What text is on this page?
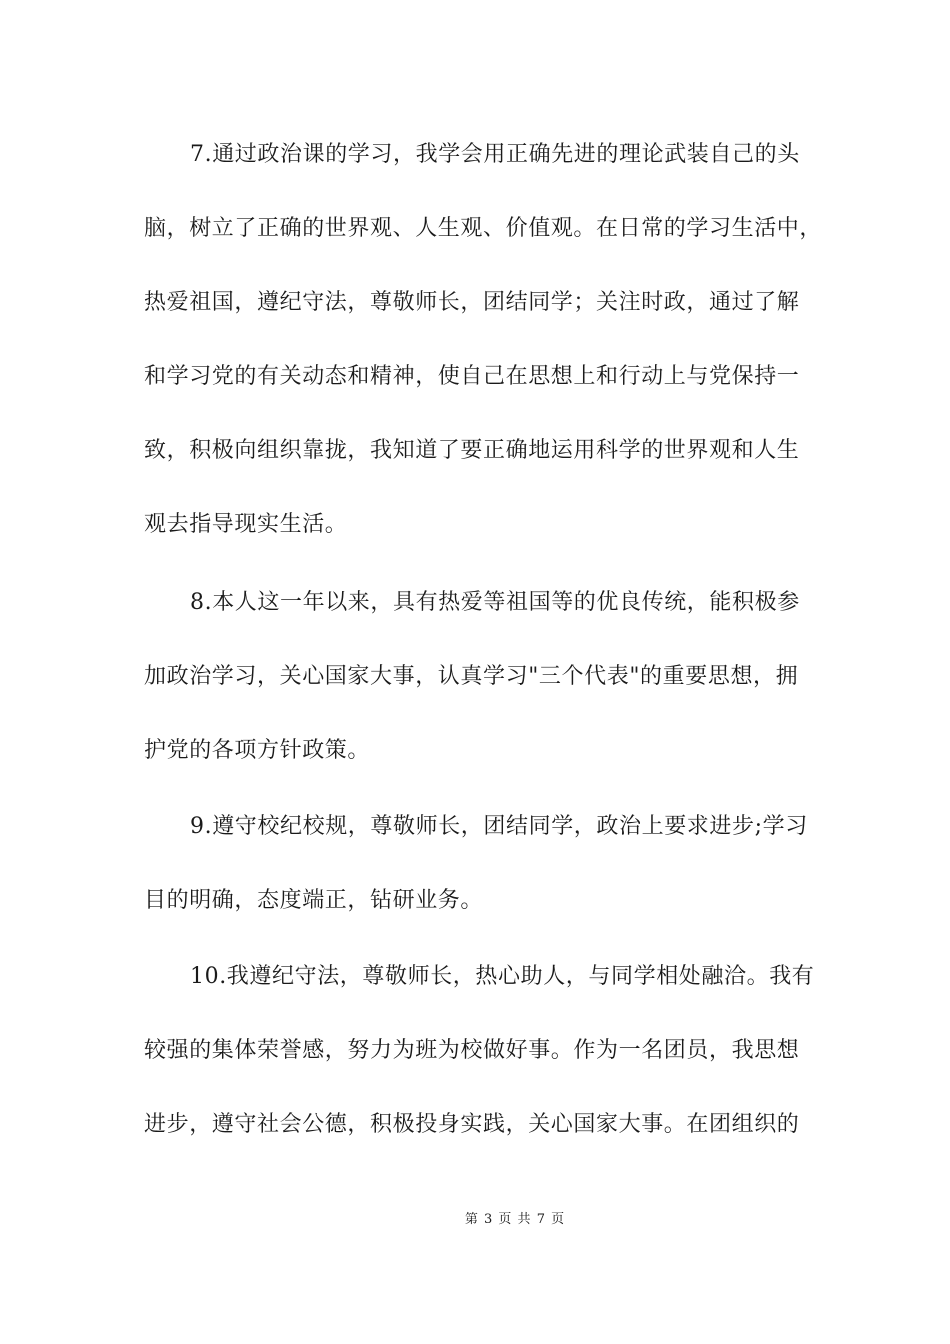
7.通过政治课的学习，我学会用正确先进的理论武装自己的头
脑，树立了正确的世界观、人生观、价值观。在日常的学习生活中，
热爱祖国，遵纪守法，尊敬师长，团结同学；关注时政，通过了解
和学习党的有关动态和精神，使自己在思想上和行动上与党保持一
致，积极向组织靠拢，我知道了要正确地运用科学的世界观和人生
观去指导现实生活。
8.本人这一年以来，具有热爱等祖国等的优良传统，能积极参
加政治学习，关心国家大事，认真学习"三个代表"的重要思想，拥
护党的各项方针政策。
9.遵守校纪校规，尊敬师长，团结同学，政治上要求进步;学习
目的明确，态度端正，钻研业务。
10.我遵纪守法，尊敬师长，热心助人，与同学相处融洽。我有
较强的集体荣誉感，努力为班为校做好事。作为一名团员，我思想
进步，遵守社会公德，积极投身实践，关心国家大事。在团组织的
第 3 页 共 7 页
